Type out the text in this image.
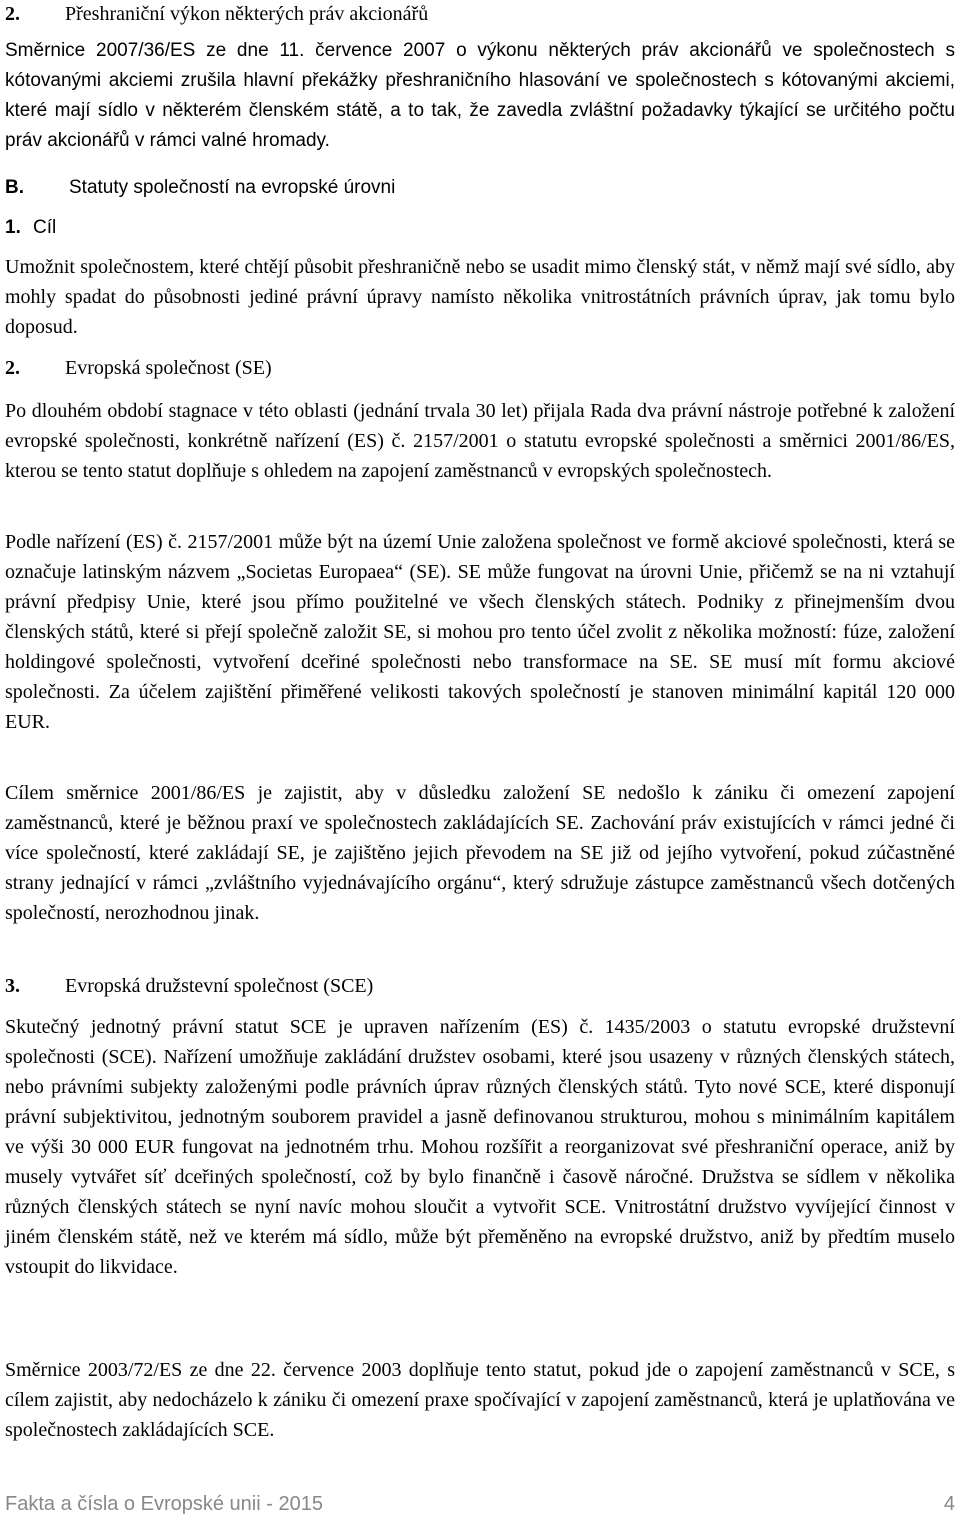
2. Přeshraniční výkon některých práv akcionářů

Směrnice 2007/36/ES ze dne 11. července 2007 o výkonu některých práv akcionářů ve společnostech s kótovanými akciemi zrušila hlavní překážky přeshraničního hlasování ve společnostech s kótovanými akciemi, které mají sídlo v některém členském státě, a to tak, že zavedla zvláštní požadavky týkající se určitého počtu práv akcionářů v rámci valné hromady.

B. Statuty společností na evropské úrovni
1. Cíl

Umožnit společnostem, které chtějí působit přeshraničně nebo se usadit mimo členský stát, v němž mají své sídlo, aby mohly spadat do působnosti jediné právní úpravy namísto několika vnitrostátních právních úprav, jak tomu bylo doposud.

2. Evropská společnost (SE)

Po dlouhém období stagnace v této oblasti (jednání trvala 30 let) přijala Rada dva právní nástroje potřebné k založení evropské společnosti, konkrétně nařízení (ES) č. 2157/2001 o statutu evropské společnosti a směrnici 2001/86/ES, kterou se tento statut doplňuje s ohledem na zapojení zaměstnanců v evropských společnostech.

Podle nařízení (ES) č. 2157/2001 může být na území Unie založena společnost ve formě akciové společnosti, která se označuje latinským názvem „Societas Europaea“ (SE). SE může fungovat na úrovni Unie, přičemž se na ni vztahují právní předpisy Unie, které jsou přímo použitelné ve všech členských státech. Podniky z přinejmenším dvou členských států, které si přejí společně založit SE, si mohou pro tento účel zvolit z několika možností: fúze, založení holdingové společnosti, vytvoření dceřiné společnosti nebo transformace na SE. SE musí mít formu akciové společnosti. Za účelem zajištění přiměřené velikosti takových společností je stanoven minimální kapitál 120 000 EUR.

Cílem směrnice 2001/86/ES je zajistit, aby v důsledku založení SE nedošlo k zániku či omezení zapojení zaměstnanců, které je běžnou praxí ve společnostech zakládajících SE. Zachování práv existujících v rámci jedné či více společností, které zakládají SE, je zajištěno jejich převodem na SE již od jejího vytvoření, pokud zúčastněné strany jednající v rámci „zvláštního vyjednávajícího orgánu“, který sdružuje zástupce zaměstnanců všech dotčených společností, nerozhodnou jinak.

3. Evropská družstevní společnost (SCE)

Skutečný jednotný právní statut SCE je upraven nařízením (ES) č. 1435/2003 o statutu evropské družstevní společnosti (SCE). Nařízení umožňuje zakládání družstev osobami, které jsou usazeny v různých členských státech, nebo právními subjekty založenými podle právních úprav různých členských států. Tyto nové SCE, které disponují právní subjektivitou, jednotným souborem pravidel a jasně definovanou strukturou, mohou s minimálním kapitálem ve výši 30 000 EUR fungovat na jednotném trhu. Mohou rozšířit a reorganizovat své přeshraniční operace, aniž by musely vytvářet síť dceřiných společností, což by bylo finančně i časově náročné. Družstva se sídlem v několika různých členských státech se nyní navíc mohou sloučit a vytvořit SCE. Vnitrostátní družstvo vyvíjející činnost v jiném členském státě, než ve kterém má sídlo, může být přeměněno na evropské družstvo, aniž by předtím muselo vstoupit do likvidace.

Směrnice 2003/72/ES ze dne 22. července 2003 doplňuje tento statut, pokud jde o zapojení zaměstnanců v SCE, s cílem zajistit, aby nedocházelo k zániku či omezení praxe spočívající v zapojení zaměstnanců, která je uplatňována ve společnostech zakládajících SCE.

Fakta a čísla o Evropské unii - 2015	4
